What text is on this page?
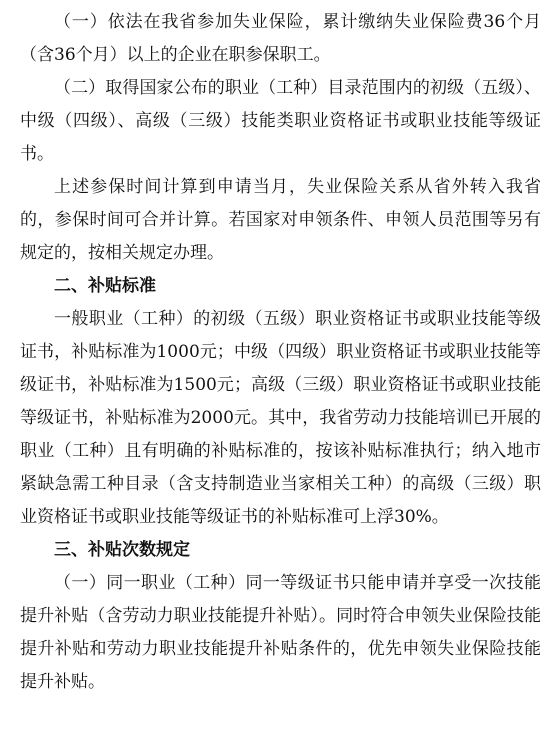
（一）依法在我省参加失业保险，累计缴纳失业保险费36个月（含36个月）以上的企业在职参保职工。

（二）取得国家公布的职业（工种）目录范围内的初级（五级）、中级（四级）、高级（三级）技能类职业资格证书或职业技能等级证书。

上述参保时间计算到申请当月，失业保险关系从省外转入我省的，参保时间可合并计算。若国家对申领条件、申领人员范围等另有规定的，按相关规定办理。

二、补贴标准

一般职业（工种）的初级（五级）职业资格证书或职业技能等级证书，补贴标准为1000元；中级（四级）职业资格证书或职业技能等级证书，补贴标准为1500元；高级（三级）职业资格证书或职业技能等级证书，补贴标准为2000元。其中，我省劳动力技能培训已开展的职业（工种）且有明确的补贴标准的，按该补贴标准执行；纳入地市紧缺急需工种目录（含支持制造业当家相关工种）的高级（三级）职业资格证书或职业技能等级证书的补贴标准可上浮30%。

三、补贴次数规定

（一）同一职业（工种）同一等级证书只能申请并享受一次技能提升补贴（含劳动力职业技能提升补贴）。同时符合申领失业保险技能提升补贴和劳动力职业技能提升补贴条件的，优先申领失业保险技能提升补贴。
